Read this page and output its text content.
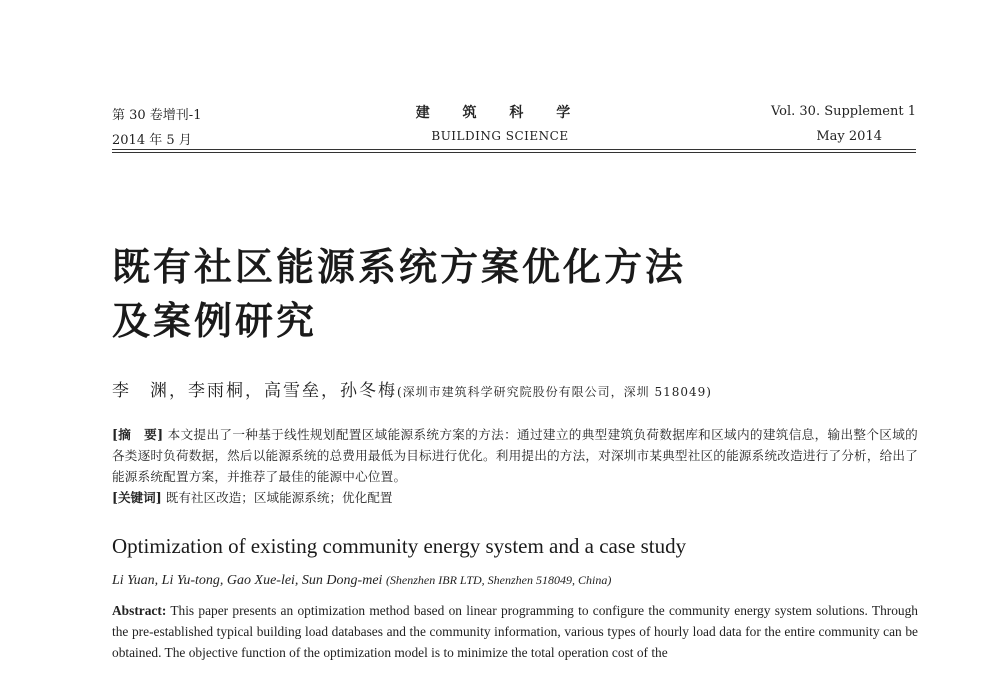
第 30 卷增刊-1
2014 年 5 月
建 筑 科 学
BUILDING SCIENCE
Vol. 30. Supplement 1
May 2014
既有社区能源系统方案优化方法
及案例研究
李　渊，李雨桐，高雪垒，孙冬梅(深圳市建筑科学研究院股份有限公司，深圳 518049)
[摘　要] 本文提出了一种基于线性规划配置区域能源系统方案的方法：通过建立的典型建筑负荷数据库和区域内的建筑信息，输出整个区域的各类逐时负荷数据，然后以能源系统的总费用最低为目标进行优化。利用提出的方法，对深圳市某典型社区的能源系统改造进行了分析，给出了能源系统配置方案，并推荐了最佳的能源中心位置。
[关键词] 既有社区改造；区域能源系统；优化配置
Optimization of existing community energy system and a case study
Li Yuan, Li Yu-tong, Gao Xue-lei, Sun Dong-mei (Shenzhen IBR LTD, Shenzhen 518049, China)
Abstract: This paper presents an optimization method based on linear programming to configure the community energy system solutions. Through the pre-established typical building load databases and the community information, various types of hourly load data for the entire community can be obtained. The objective function of the optimization model is to minimize the total operation cost of the
